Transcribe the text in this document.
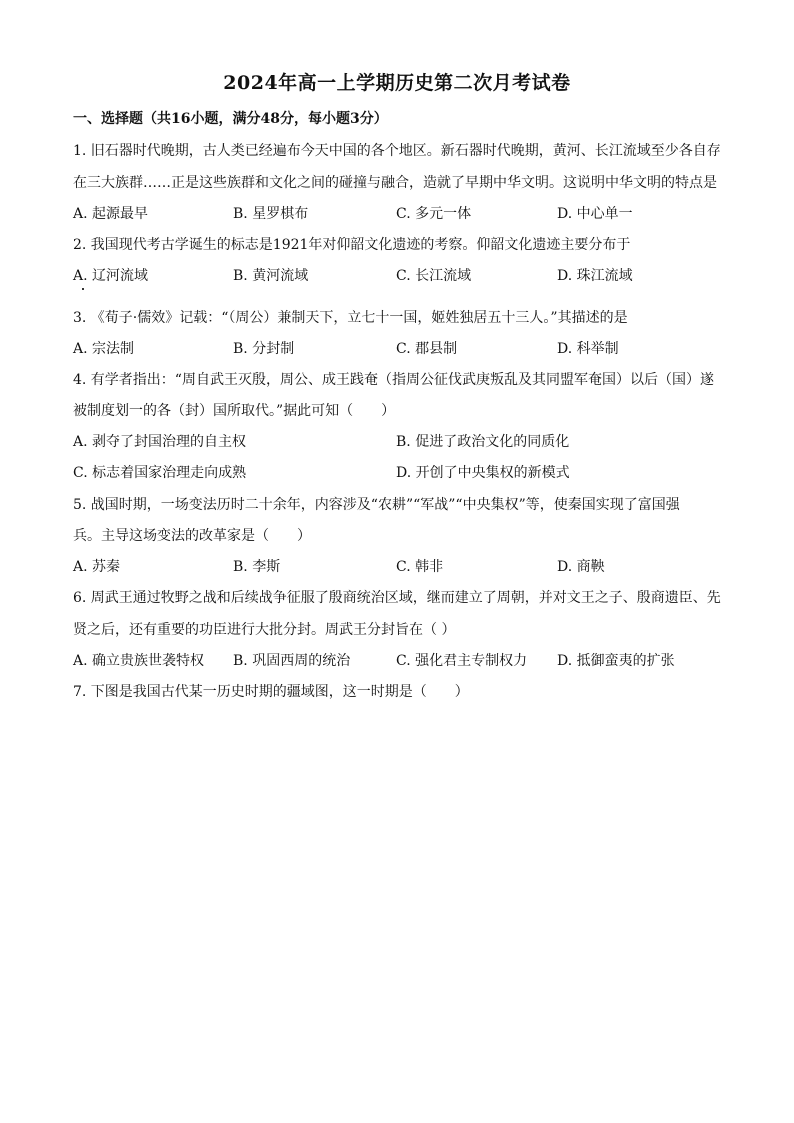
2024年高一上学期历史第二次月考试卷
一、选择题（共16小题，满分48分，每小题3分）
1. 旧石器时代晚期，古人类已经遍布今天中国的各个地区。新石器时代晚期，黄河、长江流域至少各自存
在三大族群……正是这些族群和文化之间的碰撞与融合，造就了早期中华文明。这说明中华文明的特点是
A. 起源最早	B. 星罗棋布	C. 多元一体	D. 中心单一
2. 我国现代考古学诞生的标志是1921年对仰韶文化遗迹的考察。仰韶文化遗迹主要分布于
A. 辽河流域	B. 黄河流域	C. 长江流域	D. 珠江流域
3. 《荀子·儒效》记载：“（周公）兼制天下，立七十一国，姬姓独居五十三人。”其描述的是
A. 宗法制	B. 分封制	C. 郡县制	D. 科举制
4. 有学者指出：“周自武王灭殷，周公、成王践奄（指周公征伐武庚叛乱及其同盟军奄国）以后（国）遂
被制度划一的各（封）国所取代。”据此可知（　　）
A. 剥夺了封国治理的自主权	B. 促进了政治文化的同质化
C. 标志着国家治理走向成熟	D. 开创了中央集权的新模式
5. 战国时期，一场变法历时二十余年，内容涉及“农耕”“军战”“中央集权”等，使秦国实现了富国强
兵。主导这场变法的改革家是（　　）
A. 苏秦	B. 李斯	C. 韩非	D. 商鞅
6. 周武王通过牧野之战和后续战争征服了殷商统治区域，继而建立了周朝，并对文王之子、殷商遗臣、先
贤之后，还有重要的功臣进行大批分封。周武王分封旨在（ ）
A. 确立贵族世袭特权 B. 巩固西周的统治	C. 强化君主专制权力 D. 抵御蛮夷的扩张
7. 下图是我国古代某一历史时期的疆域图，这一时期是（　　）
